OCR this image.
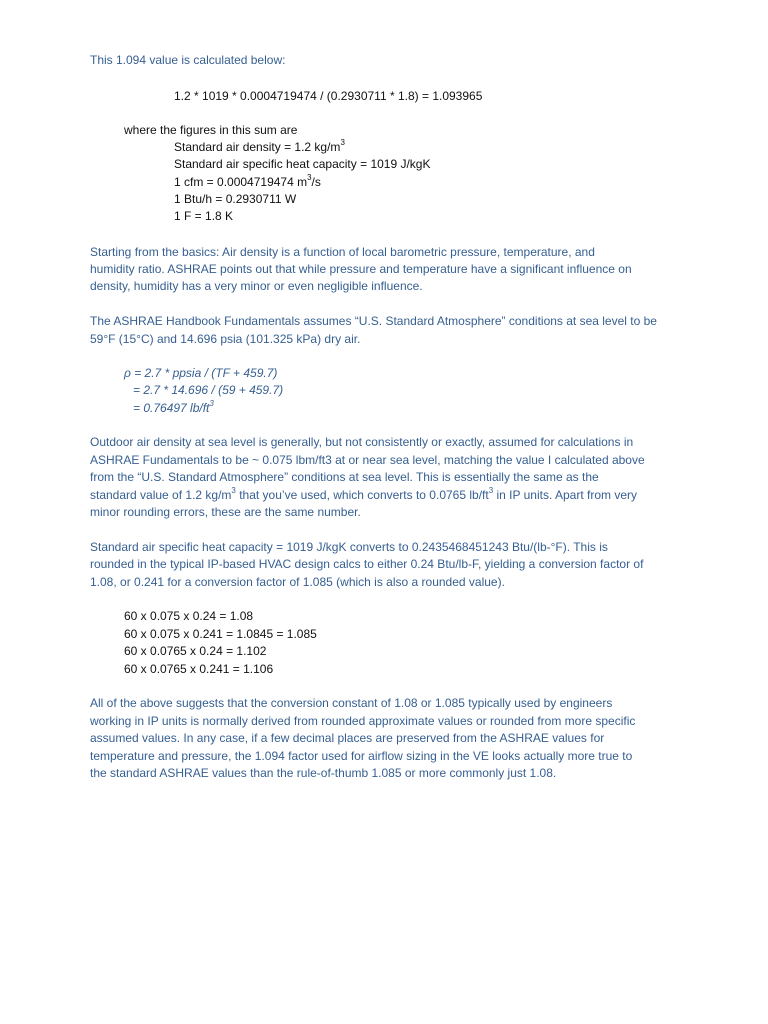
This 1.094 value is calculated below:

1.2 * 1019 * 0.0004719474 / (0.2930711 * 1.8) = 1.093965

where the figures in this sum are

Standard air density = 1.2 $kg/m^3$

Standard air specific heat capacity = 1019 J/kgK

1 cfm = 0.0004719474 $m^3/s$

1 Btu/h = 0.2930711 W

1 F = 1.8 K

Starting from the basics: Air density is a function of local barometric pressure, temperature, and

humidity ratio. ASHRAE points out that while pressure and temperature have a significant influence on

density, humidity has a very minor or even negligible influence.

The ASHRAE Handbook Fundamentals assumes “U.S. Standard Atmosphere” conditions at sea level to be

59°F (15°C) and 14.696 psia (101.325 kPa) dry air.

ρ = 2.7 * ppsia / (TF + 459.7)

= 2.7 * 14.696 / (59 + 459.7)

= 0.76497 $lb/ft^3$

Outdoor air density at sea level is generally, but not consistently or exactly, assumed for calculations in

ASHRAE Fundamentals to be ~ 0.075 lbm/ft3 at or near sea level, matching the value I calculated above

from the “U.S. Standard Atmosphere” conditions at sea level. This is essentially the same as the

standard value of 1.2 $kg/m^3$ that you’ve used, which converts to 0.0765 $lb/ft^3$ in IP units. Apart from very

minor rounding errors, these are the same number.

Standard air specific heat capacity = 1019 J/kgK converts to 0.2435468451243 Btu/(lb-°F). This is

rounded in the typical IP-based HVAC design calcs to either 0.24 Btu/lb-F, yielding a conversion factor of

1.08, or 0.241 for a conversion factor of 1.085 (which is also a rounded value).

60 x 0.075 x 0.24 = 1.08

60 x 0.075 x 0.241 = 1.0845 = 1.085

60 x 0.0765 x 0.24 = 1.102

60 x 0.0765 x 0.241 = 1.106

All of the above suggests that the conversion constant of 1.08 or 1.085 typically used by engineers

working in IP units is normally derived from rounded approximate values or rounded from more specific

assumed values. In any case, if a few decimal places are preserved from the ASHRAE values for

temperature and pressure, the 1.094 factor used for airflow sizing in the VE looks actually more true to

the standard ASHRAE values than the rule-of-thumb 1.085 or more commonly just 1.08.
